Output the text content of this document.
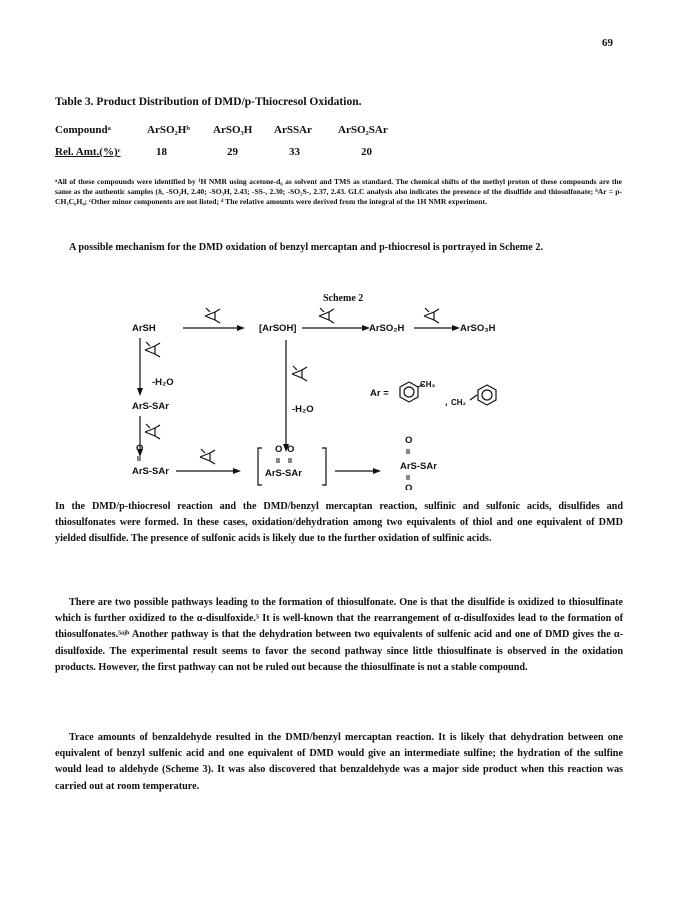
69
Table 3. Product Distribution of DMD/p-Thiocresol Oxidation.
Compoundᵃ	ArSO₂Hᵇ ArSO₃H ArSSAr ArSO₂SAr
Rel. Amt.(%)ᶜ	18	29	33	20
ᵃAll of these compounds were identified by ¹H NMR using acetone-d₆ as solvent and TMS as standard. The chemical shifts of the methyl proton of these compounds are the same as the authentic samples (δ, -SO₂H, 2.40; -SO₃H, 2.43; -SS-, 2.30; -SO₂S-, 2.37, 2.43. GLC analysis also indicates the presence of the disulfide and thiosulfonate; ᵇAr = p-CH₃C₆H₄; ᶜOther minor components are not listed; ᵈ The relative amounts were derived from the integral of the 1H NMR experiment.
A possible mechanism for the DMD oxidation of benzyl mercaptan and p-thiocresol is portrayed in Scheme 2.
Scheme 2
ArSH	[ArSOH]	ArSO₂H	ArSO₃H
-H₂O
ArS-SAr	-H₂O
Ar =
CH₃
, CH₂
O
II
ArS-SAr
O O
II II
ArS-SAr
O
II
ArS-SAr
II
O
In the DMD/p-thiocresol reaction and the DMD/benzyl mercaptan reaction, sulfinic and sulfonic acids, disulfides and thiosulfonates were formed. In these cases, oxidation/dehydration among two equivalents of thiol and one equivalent of DMD yielded disulfide. The presence of sulfonic acids is likely due to the further oxidation of sulfinic acids.
There are two possible pathways leading to the formation of thiosulfonate. One is that the disulfide is oxidized to thiosulfinate which is further oxidized to the α-disulfoxide.⁵ It is well-known that the rearrangement of α-disulfoxides lead to the formation of thiosulfonates.⁵ᵃʲᵇ Another pathway is that the dehydration between two equivalents of sulfenic acid and one of DMD gives the α-disulfoxide. The experimental result seems to favor the second pathway since little thiosulfinate is observed in the oxidation products. However, the first pathway can not be ruled out because the thiosulfinate is not a stable compound.
Trace amounts of benzaldehyde resulted in the DMD/benzyl mercaptan reaction. It is likely that dehydration between one equivalent of benzyl sulfenic acid and one equivalent of DMD would give an intermediate sulfine; the hydration of the sulfine would lead to aldehyde (Scheme 3). It was also discovered that benzaldehyde was a major side product when this reaction was carried out at room temperature.
